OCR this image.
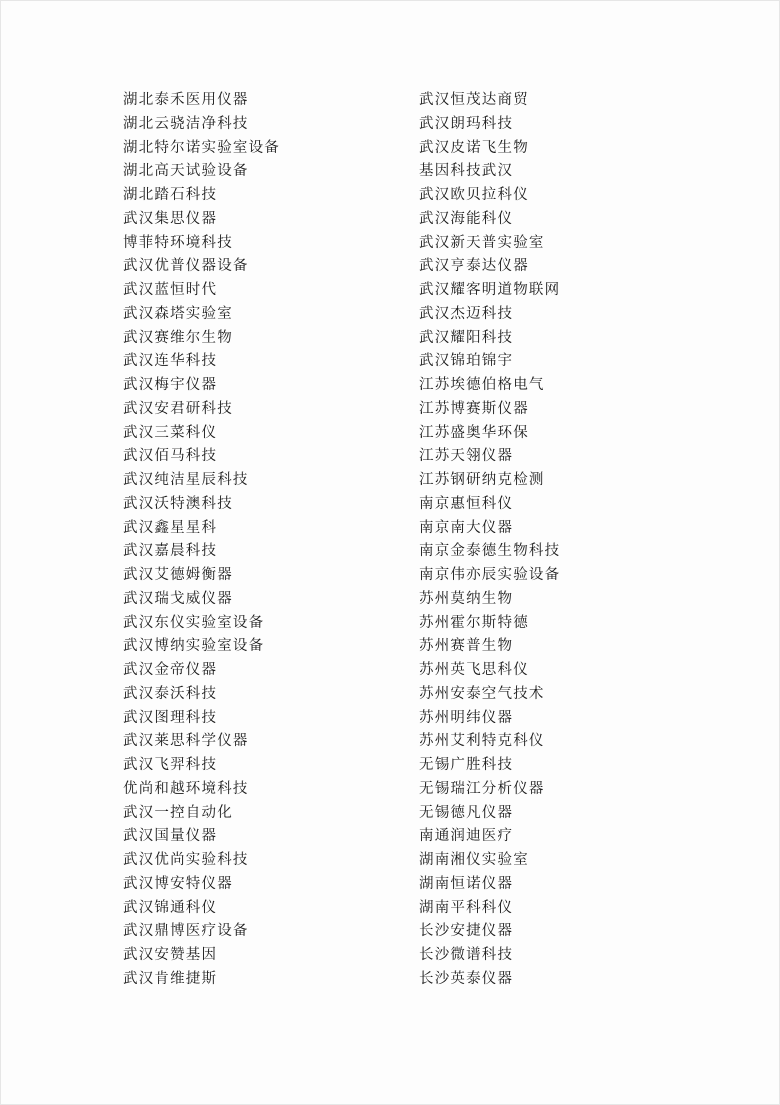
湖北泰禾医用仪器
湖北云骁洁净科技
湖北特尔诺实验室设备
湖北高天试验设备
湖北踏石科技
武汉集思仪器
博菲特环境科技
武汉优普仪器设备
武汉蓝恒时代
武汉森塔实验室
武汉赛维尔生物
武汉连华科技
武汉梅宇仪器
武汉安君研科技
武汉三菜科仪
武汉佰马科技
武汉纯洁星辰科技
武汉沃特澳科技
武汉鑫星星科
武汉嘉晨科技
武汉艾德姆衡器
武汉瑞戈威仪器
武汉东仪实验室设备
武汉博纳实验室设备
武汉金帝仪器
武汉泰沃科技
武汉图理科技
武汉莱思科学仪器
武汉飞羿科技
优尚和越环境科技
武汉一控自动化
武汉国量仪器
武汉优尚实验科技
武汉博安特仪器
武汉锦通科仪
武汉鼎博医疗设备
武汉安赞基因
武汉肯维捷斯
武汉恒茂达商贸
武汉朗玛科技
武汉皮诺飞生物
基因科技武汉
武汉欧贝拉科仪
武汉海能科仪
武汉新天普实验室
武汉亨泰达仪器
武汉耀客明道物联网
武汉杰迈科技
武汉耀阳科技
武汉锦珀锦宇
江苏埃德伯格电气
江苏博赛斯仪器
江苏盛奥华环保
江苏天翎仪器
江苏钢研纳克检测
南京惠恒科仪
南京南大仪器
南京金泰德生物科技
南京伟亦辰实验设备
苏州莫纳生物
苏州霍尔斯特德
苏州赛普生物
苏州英飞思科仪
苏州安泰空气技术
苏州明纬仪器
苏州艾利特克科仪
无锡广胜科技
无锡瑞江分析仪器
无锡德凡仪器
南通润迪医疗
湖南湘仪实验室
湖南恒诺仪器
湖南平科科仪
长沙安捷仪器
长沙微谱科技
长沙英泰仪器
